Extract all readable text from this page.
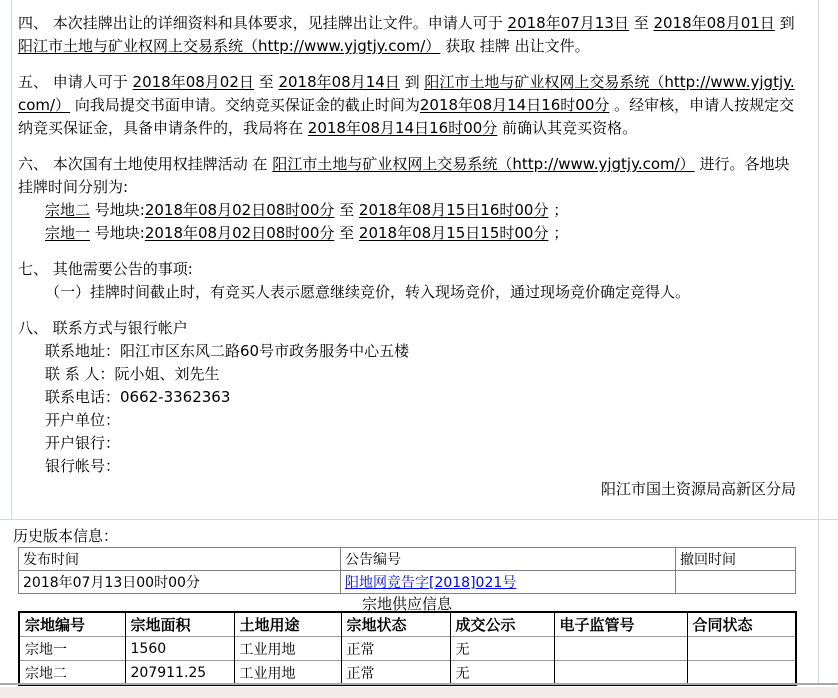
四、 本次挂牌出让的详细资料和具体要求，见挂牌出让文件。申请人可于 2018年07月13日 至 2018年08月01日 到 阳江市土地与矿业权网上交易系统（http://www.yjgtjy.com/） 获取 挂牌 出让文件。
五、 申请人可于 2018年08月02日 至 2018年08月14日 到 阳江市土地与矿业权网上交易系统（http://www.yjgtjy.com/） 向我局提交书面申请。交纳竞买保证金的截止时间为2018年08月14日16时00分 。经审核，申请人按规定交纳竞买保证金，具备申请条件的，我局将在 2018年08月14日16时00分 前确认其竞买资格。
六、 本次国有土地使用权挂牌活动 在 阳江市土地与矿业权网上交易系统（http://www.yjgtjy.com/） 进行。各地块挂牌时间分别为:
宗地二 号地块:2018年08月02日08时00分 至 2018年08月15日16时00分 ；
宗地一 号地块:2018年08月02日08时00分 至 2018年08月15日15时00分 ；
七、 其他需要公告的事项:
（一）挂牌时间截止时，有竞买人表示愿意继续竞价，转入现场竞价，通过现场竞价确定竞得人。
八、 联系方式与银行帐户
联系地址：阳江市区东风二路60号市政务服务中心五楼
联 系 人：阮小姐、刘先生
联系电话：0662-3362363
开户单位：
开户银行：
银行帐号：
阳江市国土资源局高新区分局
历史版本信息：
发布时间	公告编号	撤回时间
2018年07月13日00时00分	阳地网竞告字[2018]021号	
宗地供应信息
宗地编号	宗地面积	土地用途	宗地状态	成交公示	电子监管号	合同状态
宗地一	1560	工业用地	正常	无		
宗地二	207911.25	工业用地	正常	无		
